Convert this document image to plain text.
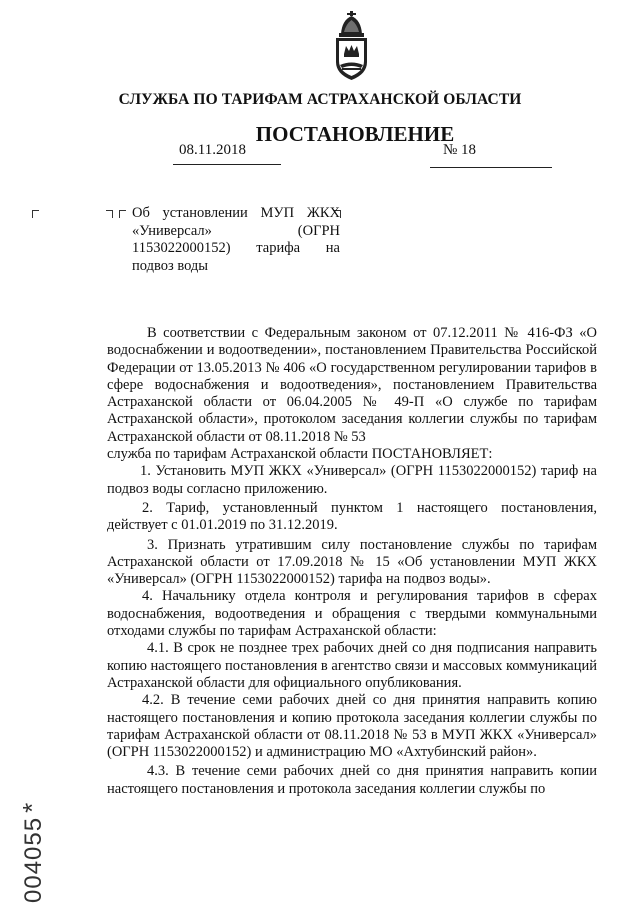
СЛУЖБА ПО ТАРИФАМ АСТРАХАНСКОЙ ОБЛАСТИ
ПОСТАНОВЛЕНИЕ
08.11.2018	№ 18
Об установлении МУП ЖКХ «Универсал» (ОГРН 1153022000152) тарифа на подвоз воды

В соответствии с Федеральным законом от 07.12.2011 № 416-ФЗ «О водоснабжении и водоотведении», постановлением Правительства Российской Федерации от 13.05.2013 № 406 «О государственном регулировании тарифов в сфере водоснабжения и водоотведения», постановлением Правительства Астраханской области от 06.04.2005 № 49-П «О службе по тарифам Астраханской области», протоколом заседания коллегии службы по тарифам Астраханской области от 08.11.2018 № 53

служба по тарифам Астраханской области ПОСТАНОВЛЯЕТ:

1. Установить МУП ЖКХ «Универсал» (ОГРН 1153022000152) тариф на подвоз воды согласно приложению.

2. Тариф, установленный пунктом 1 настоящего постановления, действует с 01.01.2019 по 31.12.2019.

3. Признать утратившим силу постановление службы по тарифам Астраханской области от 17.09.2018 № 15 «Об установлении МУП ЖКХ «Универсал» (ОГРН 1153022000152) тарифа на подвоз воды».

4. Начальнику отдела контроля и регулирования тарифов в сферах водоснабжения, водоотведения и обращения с твердыми коммунальными отходами службы по тарифам Астраханской области:

4.1. В срок не позднее трех рабочих дней со дня подписания направить копию настоящего постановления в агентство связи и массовых коммуникаций Астраханской области для официального опубликования.

4.2. В течение семи рабочих дней со дня принятия направить копию настоящего постановления и копию протокола заседания коллегии службы по тарифам Астраханской области от 08.11.2018 № 53 в МУП ЖКХ «Универсал» (ОГРН 1153022000152) и администрацию МО «Ахтубинский район».

4.3. В течение семи рабочих дней со дня принятия направить копии настоящего постановления и протокола заседания коллегии службы по

004055*
